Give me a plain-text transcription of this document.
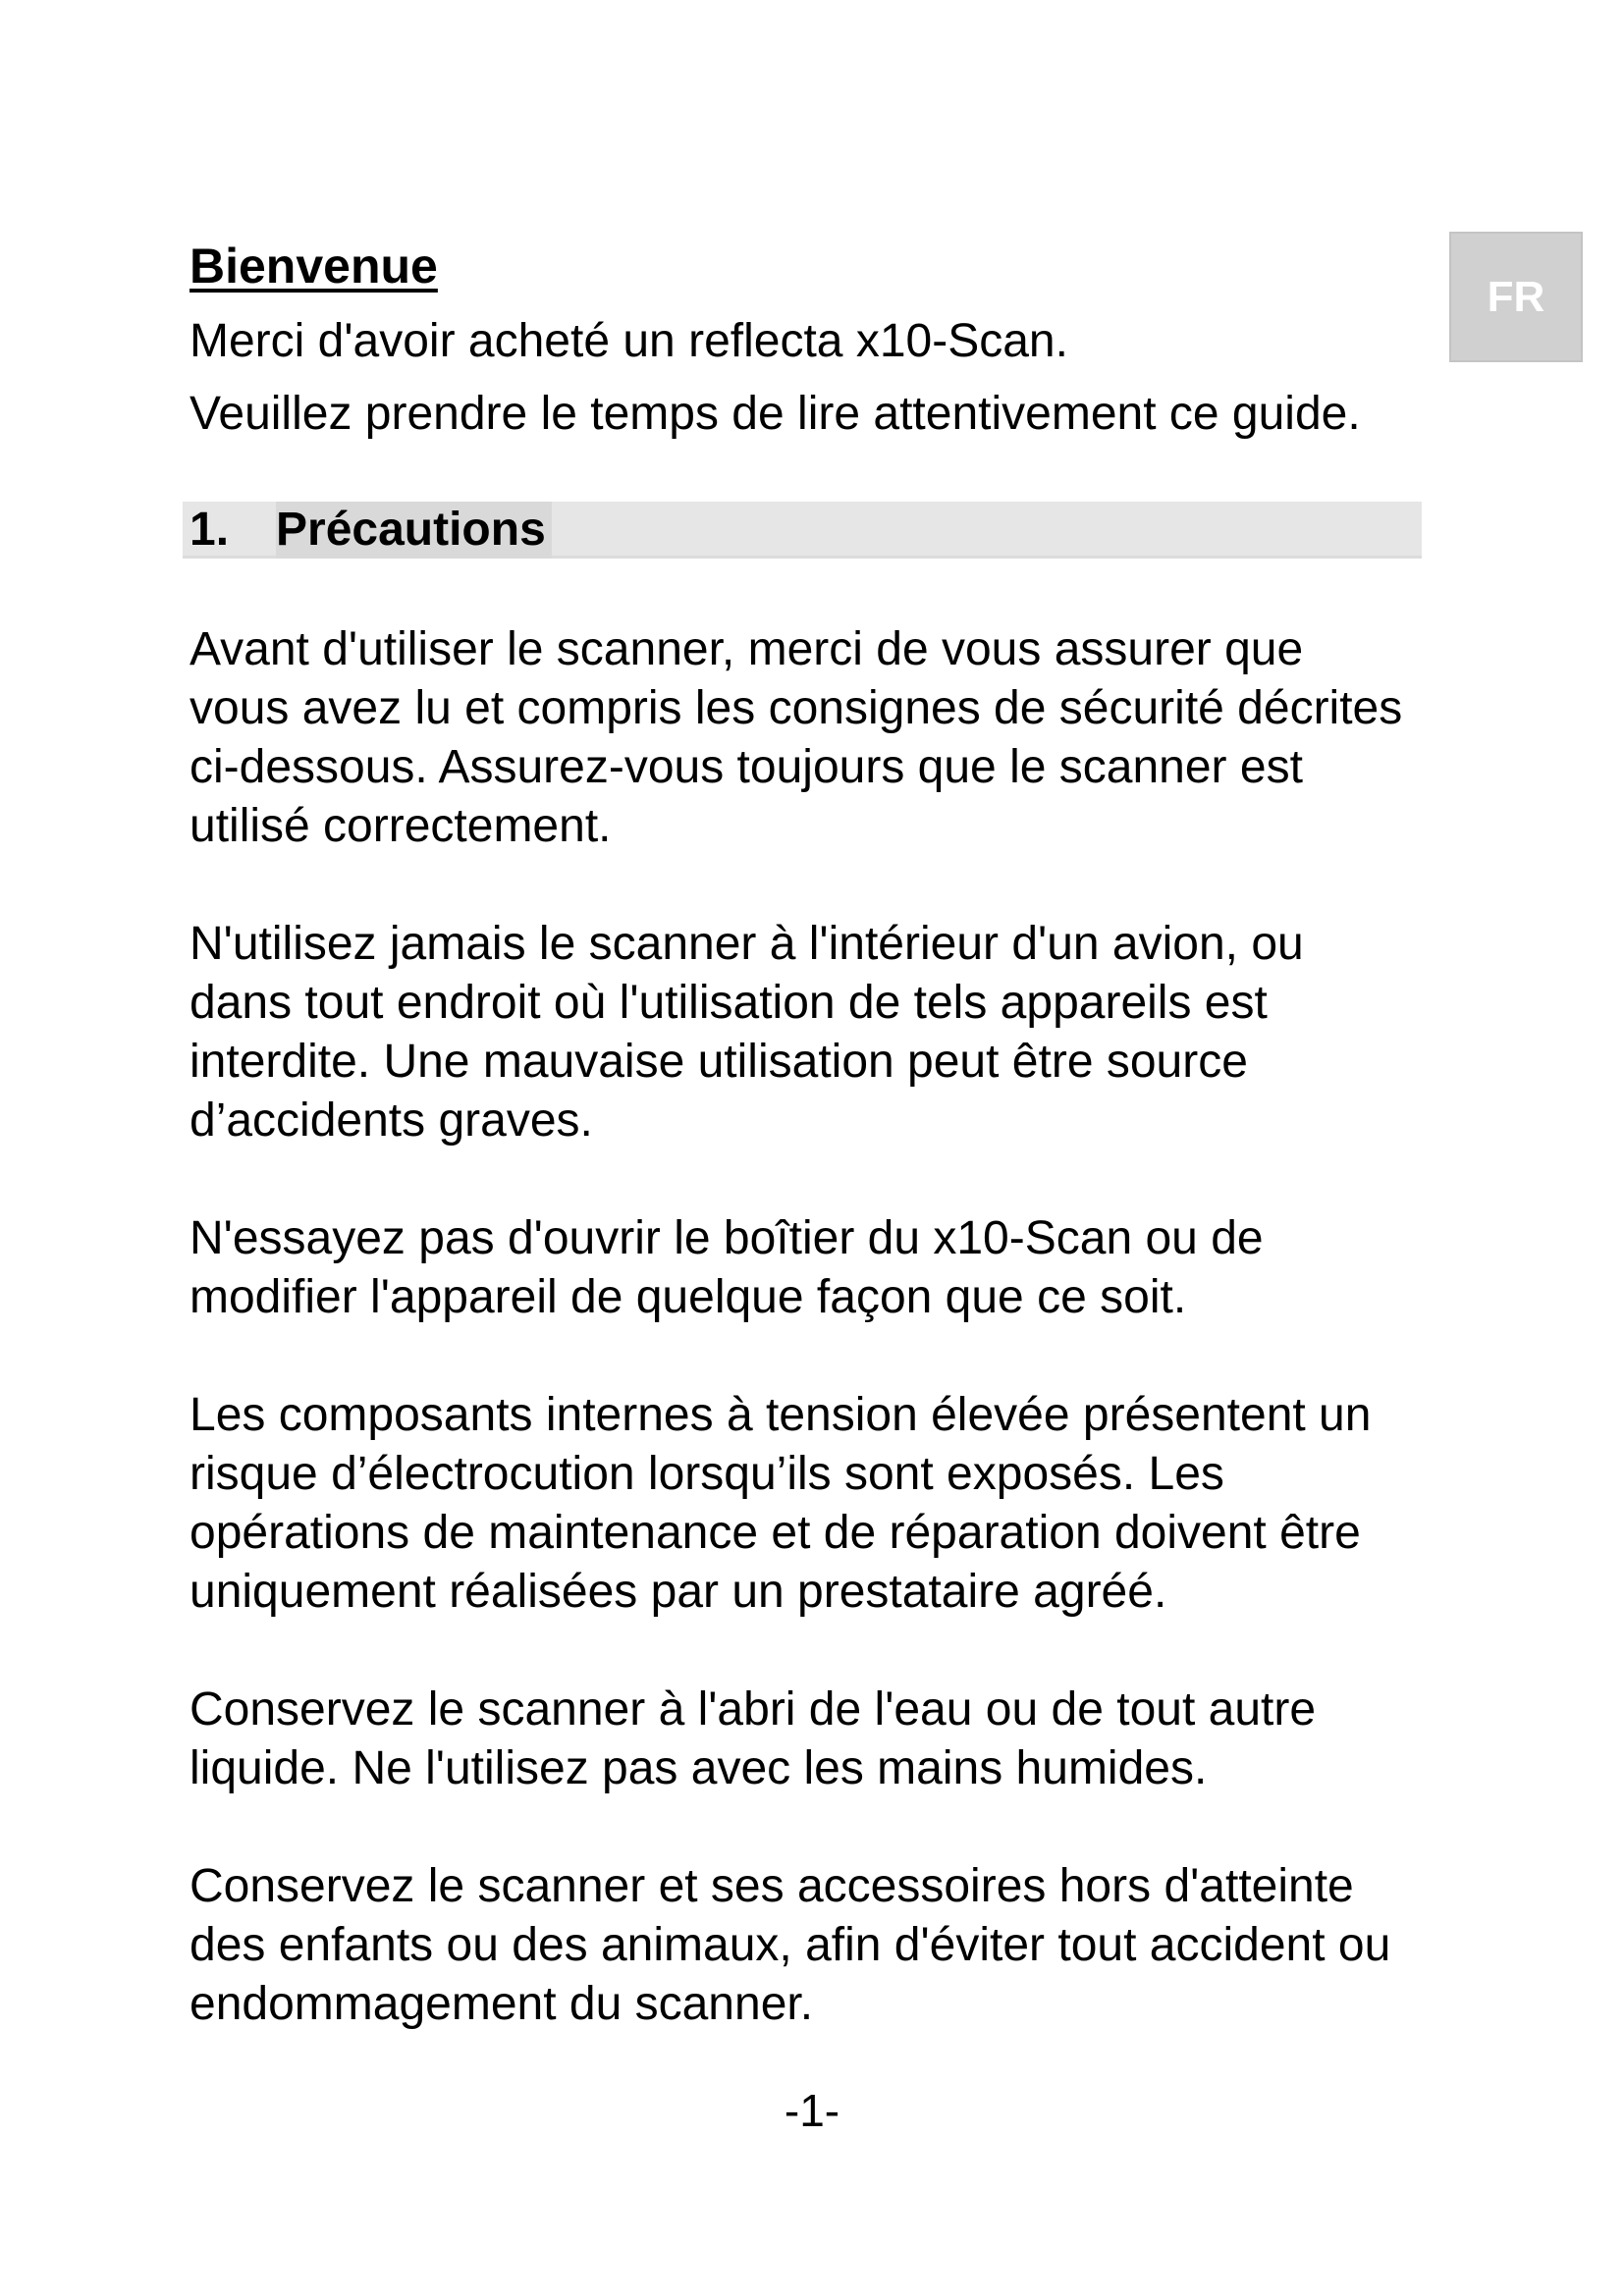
FR
Bienvenue

Merci d'avoir acheté un reflecta x10-Scan.

Veuillez prendre le temps de lire attentivement ce guide.

1. Précautions
Avant d'utiliser le scanner, merci de vous assurer que
vous avez lu et compris les consignes de sécurité décrites
ci-dessous. Assurez-vous toujours que le scanner est
utilisé correctement.
N'utilisez jamais le scanner à l'intérieur d'un avion, ou
dans tout endroit où l'utilisation de tels appareils est
interdite. Une mauvaise utilisation peut être source
d’accidents graves.
N'essayez pas d'ouvrir le boîtier du x10-Scan ou de
modifier l'appareil de quelque façon que ce soit.
Les composants internes à tension élevée présentent un
risque d’électrocution lorsqu’ils sont exposés. Les
opérations de maintenance et de réparation doivent être
uniquement réalisées par un prestataire agréé.
Conservez le scanner à l'abri de l'eau ou de tout autre
liquide. Ne l'utilisez pas avec les mains humides.
Conservez le scanner et ses accessoires hors d'atteinte
des enfants ou des animaux, afin d'éviter tout accident ou
endommagement du scanner.
-1-
